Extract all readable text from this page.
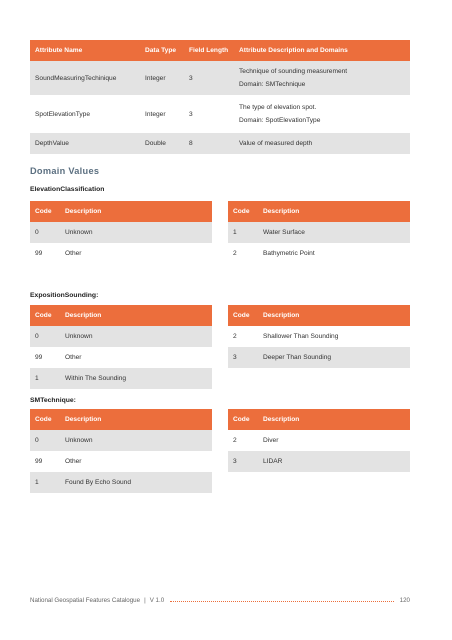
Attribute Name	Data Type	Field Length	Attribute Description and Domains
SoundMeasuringTechinique	Integer	3	Technique of sounding measurement
Domain: SMTechnique

SpotElevationType	Integer	3	The type of elevation spot.
Domain: SpotElevationType

DepthValue	Double	8	Value of measured depth
Domain Values
ElevationClassification
Code	Description
0	Unknown
99	Other
Code	Description
1	Water Surface
2	Bathymetric Point
ExpositionSounding:
Code	Description
0	Unknown
99	Other
1	Within The Sounding
Code	Description
2	Shallower Than Sounding
3	Deeper Than Sounding
SMTechnique:
Code	Description
0	Unknown
99	Other
1	Found By Echo Sound
Code	Description
2	Diver
3	LIDAR
National Geospatial Features Catalogue | V 1.0	120
